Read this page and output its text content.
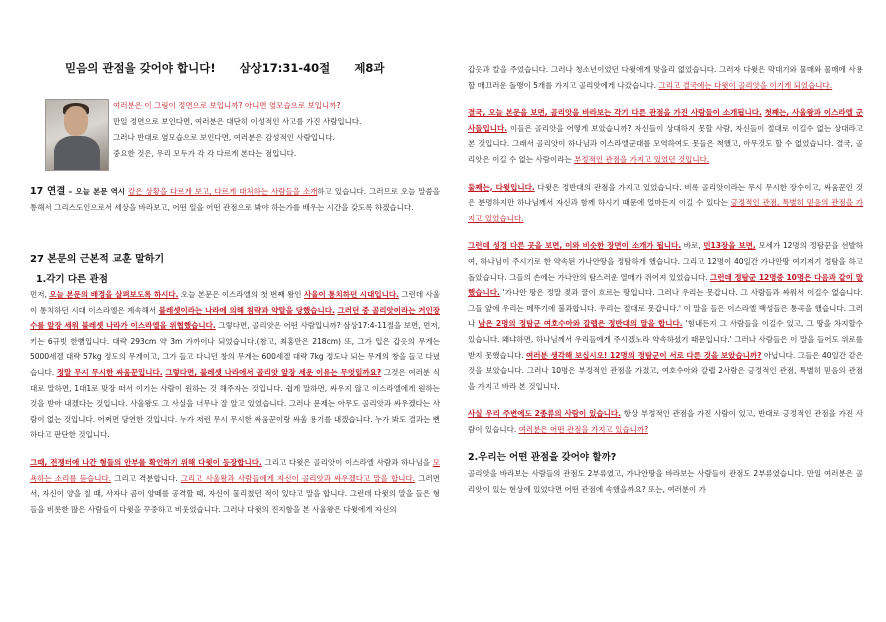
믿음의 관점을 갖어야 합니다! 삼상17:31-40절 제8과

여러분은 이 그림이 정면으로 보입니까? 아니면 옆모습으로 보입니까?

만일 정면으로 보인다면, 여러분은 대단히 이성적인 사고를 가진 사람입니다.

그러나 반대로 옆모습으로 보인다면, 여러분은 감성적인 사람입니다.

중요한 것은, 우리 모두가 각 각 다르게 본다는 점입니다.

17 연결 – 오늘 본문 역시 같은 상황을 다르게 보고, 다르게 대처하는 사람들을 소개하고 있습니다. 그러므로 오늘 말씀을 통해서 그리스도인으로서 세상을 바라보고, 어떤 일을 어떤 관점으로 봐야 하는가를 배우는 시간을 갖도록 하겠습니다.

27 본문의 근본적 교훈 말하기

1.각기 다른 관점

먼저, 오늘 본문의 배경을 살펴보도록 하시다. 오늘 본문은 이스라엘의 첫 번째 왕인 사울이 통치하던 시대입니다. 그런데 사울이 통치하던 시대 이스라엘은 계속해서 블레셋이라는 나라에 의해 침략과 약탈을 당했습니다. 그러던 중 골리앗이라는 거인장수를 앞장 세워 블레셋 나라가 이스라엘을 위협했습니다. 그렇다면, 골리앗은 어떤 사람입니까? 삼상17:4-11절을 보면, 먼저, 키는 6규빗 한뼘입니다. 대략 293cm 약 3m 가까이나 되었습니다.(참고, 최홍만은 218cm) 또, 그가 입은 갑옷의 무게는 5000세겔 대략 57kg 정도의 무게이고, 그가 들고 다니던 창의 무게는 600세겔 대략 7kg 정도나 되는 무게의 창을 들고 다녔습니다. 정말 무시 무시한 싸움꾼입니다. 그렇다면, 블레셋 나라에서 골리앗 앞장 세운 이유는 무엇일까요? 그것은 여러분 식대로 말하면, 1대1로 맞장 떠서 이기는 사람이 원하는 것 해주자는 것입니다. 쉽게 말하면, 싸우지 않고 이스라엘에게 원하는 것을 받아 내겠다는 것입니다. 사울왕도 그 사실을 너무나 잘 알고 있었습니다. 그러나 문제는 아무도 골리앗과 싸우겠다는 사람이 없는 것입니다. 어쩌면 당연한 것입니다. 누가 저런 무시 무시한 싸움꾼이랑 싸울 용기를 내겠습니다. 누가 봐도 결과는 뻔하다고 판단한 것입니다.

그때, 전쟁터에 나간 형들의 안부를 확인하기 위해 다윗이 등장합니다. 그리고 다윗은 골리앗이 이스라엘 사람과 하나님을 모욕하는 소리를 듣습니다. 그리고 격분합니다. 그리고 사울왕과 사람들에게 자신이 골리앗과 싸우겠다고 말을 합니다. 그러면서, 자신이 양을 칠 때, 사자나 곰이 양떼를 공격할 때, 자신이 물리쳤던 적이 있다고 말을 합니다. 그런데 다윗의 말을 들은 형들을 비롯한 많은 사람들이 다윗을 꾸중하고 비웃었습니다. 그러나 다윗의 진지함을 본 사울왕은 다윗에게 자신의

갑옷과 칼을 주었습니다. 그러나 청소년이었던 다윗에게 맞을리 없었습니다. 그러자 다윗은 막대기와 물매와 물매에 사용할 매끄러운 돌맹이 5개를 가지고 골리앗에게 나갔습니다. 그리고 결국에는 다윗이 골리앗을 이기게 되었습니다.

결국, 오늘 본문을 보면, 골리앗을 바라보는 각기 다른 관점을 가진 사람들이 소개됩니다. 첫째는, 사울왕과 이스라엘 군사들입니다. 이들은 골리앗을 어떻게 보았습니까? 자신들이 상대하지 못할 사람, 자신들이 절대로 이길수 없는 상대라고 본 것입니다. 그래서 골리앗이 하나님과 이스라엘군대를 모역하여도 못들은 척했고, 아무것도 할 수 없었습니다. 결국, 골리앗은 이길 수 없는 사람이라는 부정적인 관점을 가지고 있었던 것입니다.

둘째는, 다윗입니다. 다윗은 정반대의 관점을 가지고 있었습니다. 비록 골리앗이라는 무시 무시한 장수이고, 싸움꾼인 것은 분명하지만 하나님께서 자신과 함께 하시기 때문에 얼마든지 이길 수 있다는 긍정적인 관점, 특별히 믿음의 관점을 가지고 있었습니다.

그런데 성경 다른 곳을 보면, 이와 비슷한 장면이 소개가 됩니다. 바로, 민13장을 보면, 모세가 12명의 정탐꾼을 선발하여, 하나님이 주시기로 한 약속된 가나안땅을 정탐하게 했습니다. 그리고 12명이 40일간 가나안땅 여기저기 정탐을 하고 돌았습니다. 그들의 손에는 가나안의 탐스러운 열매가 쥐어져 있었습니다. 그런데 정탐군 12명중 10명은 다음과 같이 말했습니다. '가나안 땅은 정말 젖과 꿀이 흐르는 땅입니다. 그러나 우리는 못갑니다. 그 사람들과 싸워서 이길수 없습니다. 그들 앞에 우리는 메뚜기에 불과합니다. 우리는 절대로 못갑니다.' 이 말을 들은 이스라엘 백성들은 통곡을 했습니다. 그러나 남은 2명의 정탐군 여호수아와 갈렙은 정반대의 말을 합니다. '힘내든지 그 사람들을 이길수 있고, 그 땅을 차지할수 있습니다. 왜냐하면, 하나님께서 우리들에게 주시겠노라 약속하셨기 때문입니다.' 그러나 사람들은 이 말을 들어도 위로를 받지 못했습니다. 여러분 생각해 보십시오! 12명의 정탐군이 서로 다른 것을 보았습니까? 아닙니다. 그들은 40일간 같은 것을 보았습니다. 그러나 10명은 부정적인 관점을 가졌고, 여호수아와 갈렙 2사람은 긍정적인 관점, 특별히 믿음의 관점을 가지고 바라 본 것입니다.

사실 우리 주변에도 2종류의 사람이 있습니다. 항상 부정적인 관점을 가진 사람이 있고, 반대로 긍정적인 관점을 가진 사람이 있습니다. 여러분은 어떤 관점을 가지고 있습니까?

2.우리는 어떤 관점을 갖어야 할까?

골리앗을 바라보는 사람들의 관점도 2부류였고, 가나안땅을 바라보는 사람들이 관점도 2부류였습니다. 만일 여러분은 골리앗이 있는 현상에 있었다면 어떤 관점에 속했을까요? 또는, 여러분이 가
